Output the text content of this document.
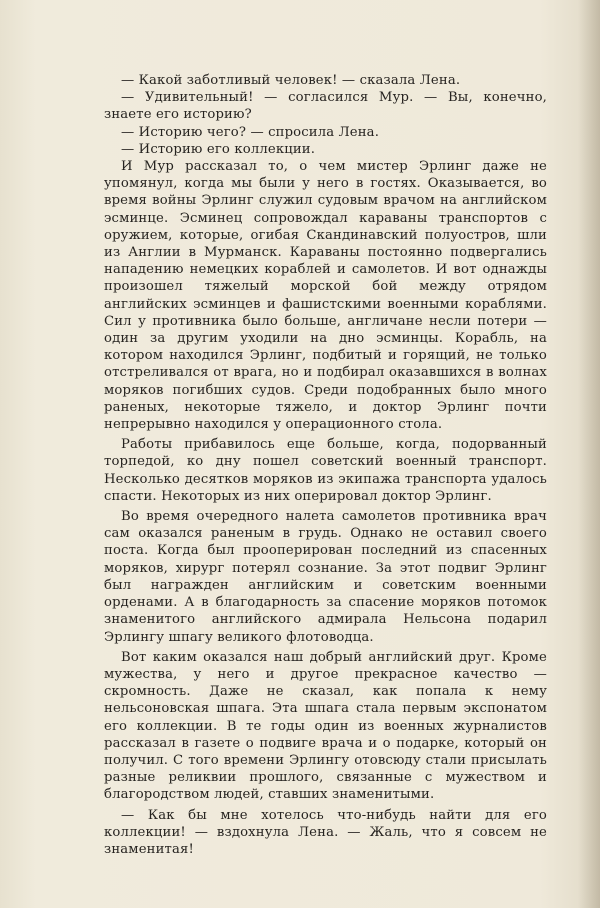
— Какой заботливый человек! — сказала Лена.

— Удивительный! — согласился Мур. — Вы, конечно, знаете его историю?

— Историю чего? — спросила Лена.

— Историю его коллекции.

И Мур рассказал то, о чем мистер Эрлинг даже не упомянул, когда мы были у него в гостях. Оказывается, во время войны Эрлинг служил судовым врачом на английском эсминце. Эсминец сопровождал караваны транспортов с оружием, которые, огибая Скандинавский полуостров, шли из Англии в Мурманск. Караваны постоянно подвергались нападению немецких кораблей и самолетов. И вот однажды произошел тяжелый морской бой между отрядом английских эсминцев и фашистскими военными кораблями. Сил у противника было больше, англичане несли потери — один за другим уходили на дно эсминцы. Корабль, на котором находился Эрлинг, подбитый и горящий, не только отстреливался от врага, но и подбирал оказавшихся в волнах моряков погибших судов. Среди подобранных было много раненых, некоторые тяжело, и доктор Эрлинг почти непрерывно находился у операционного стола.

Работы прибавилось еще больше, когда, подорванный торпедой, ко дну пошел советский военный транспорт. Несколько десятков моряков из экипажа транспорта удалось спасти. Некоторых из них оперировал доктор Эрлинг.

Во время очередного налета самолетов противника врач сам оказался раненым в грудь. Однако не оставил своего поста. Когда был прооперирован последний из спасенных моряков, хирург потерял сознание. За этот подвиг Эрлинг был награжден английским и советским военными орденами. А в благодарность за спасение моряков потомок знаменитого английского адмирала Нельсона подарил Эрлингу шпагу великого флотоводца.

Вот каким оказался наш добрый английский друг. Кроме мужества, у него и другое прекрасное качество — скромность. Даже не сказал, как попала к нему нельсоновская шпага. Эта шпага стала первым экспонатом его коллекции. В те годы один из военных журналистов рассказал в газете о подвиге врача и о подарке, который он получил. С того времени Эрлингу отовсюду стали присылать разные реликвии прошлого, связанные с мужеством и благородством людей, ставших знаменитыми.

— Как бы мне хотелось что-нибудь найти для его коллекции! — вздохнула Лена. — Жаль, что я совсем не знаменитая!
